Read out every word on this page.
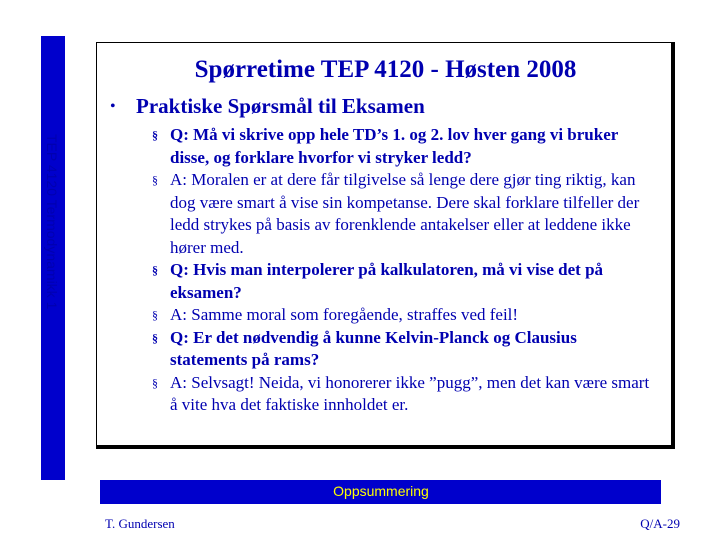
TEP 4120 Termodynamikk 1
Spørretime TEP 4120 - Høsten 2008
• Praktiske Spørsmål til Eksamen
§ Q: Må vi skrive opp hele TD’s 1. og 2. lov hver gang vi bruker disse, og forklare hvorfor vi stryker ledd?
§ A: Moralen er at dere får tilgivelse så lenge dere gjør ting riktig, kan dog være smart å vise sin kompetanse. Dere skal forklare tilfeller der ledd strykes på basis av forenklende antakelser eller at leddene ikke hører med.
§ Q: Hvis man interpolerer på kalkulatoren, må vi vise det på eksamen?
§ A: Samme moral som foregående, straffes ved feil!
§ Q: Er det nødvendig å kunne Kelvin-Planck og Clausius statements på rams?
§ A: Selvsagt! Neida, vi honorerer ikke ”pugg”, men det kan være smart å vite hva det faktiske innholdet er.
Oppsummering
T. Gundersen	Q/A-29
